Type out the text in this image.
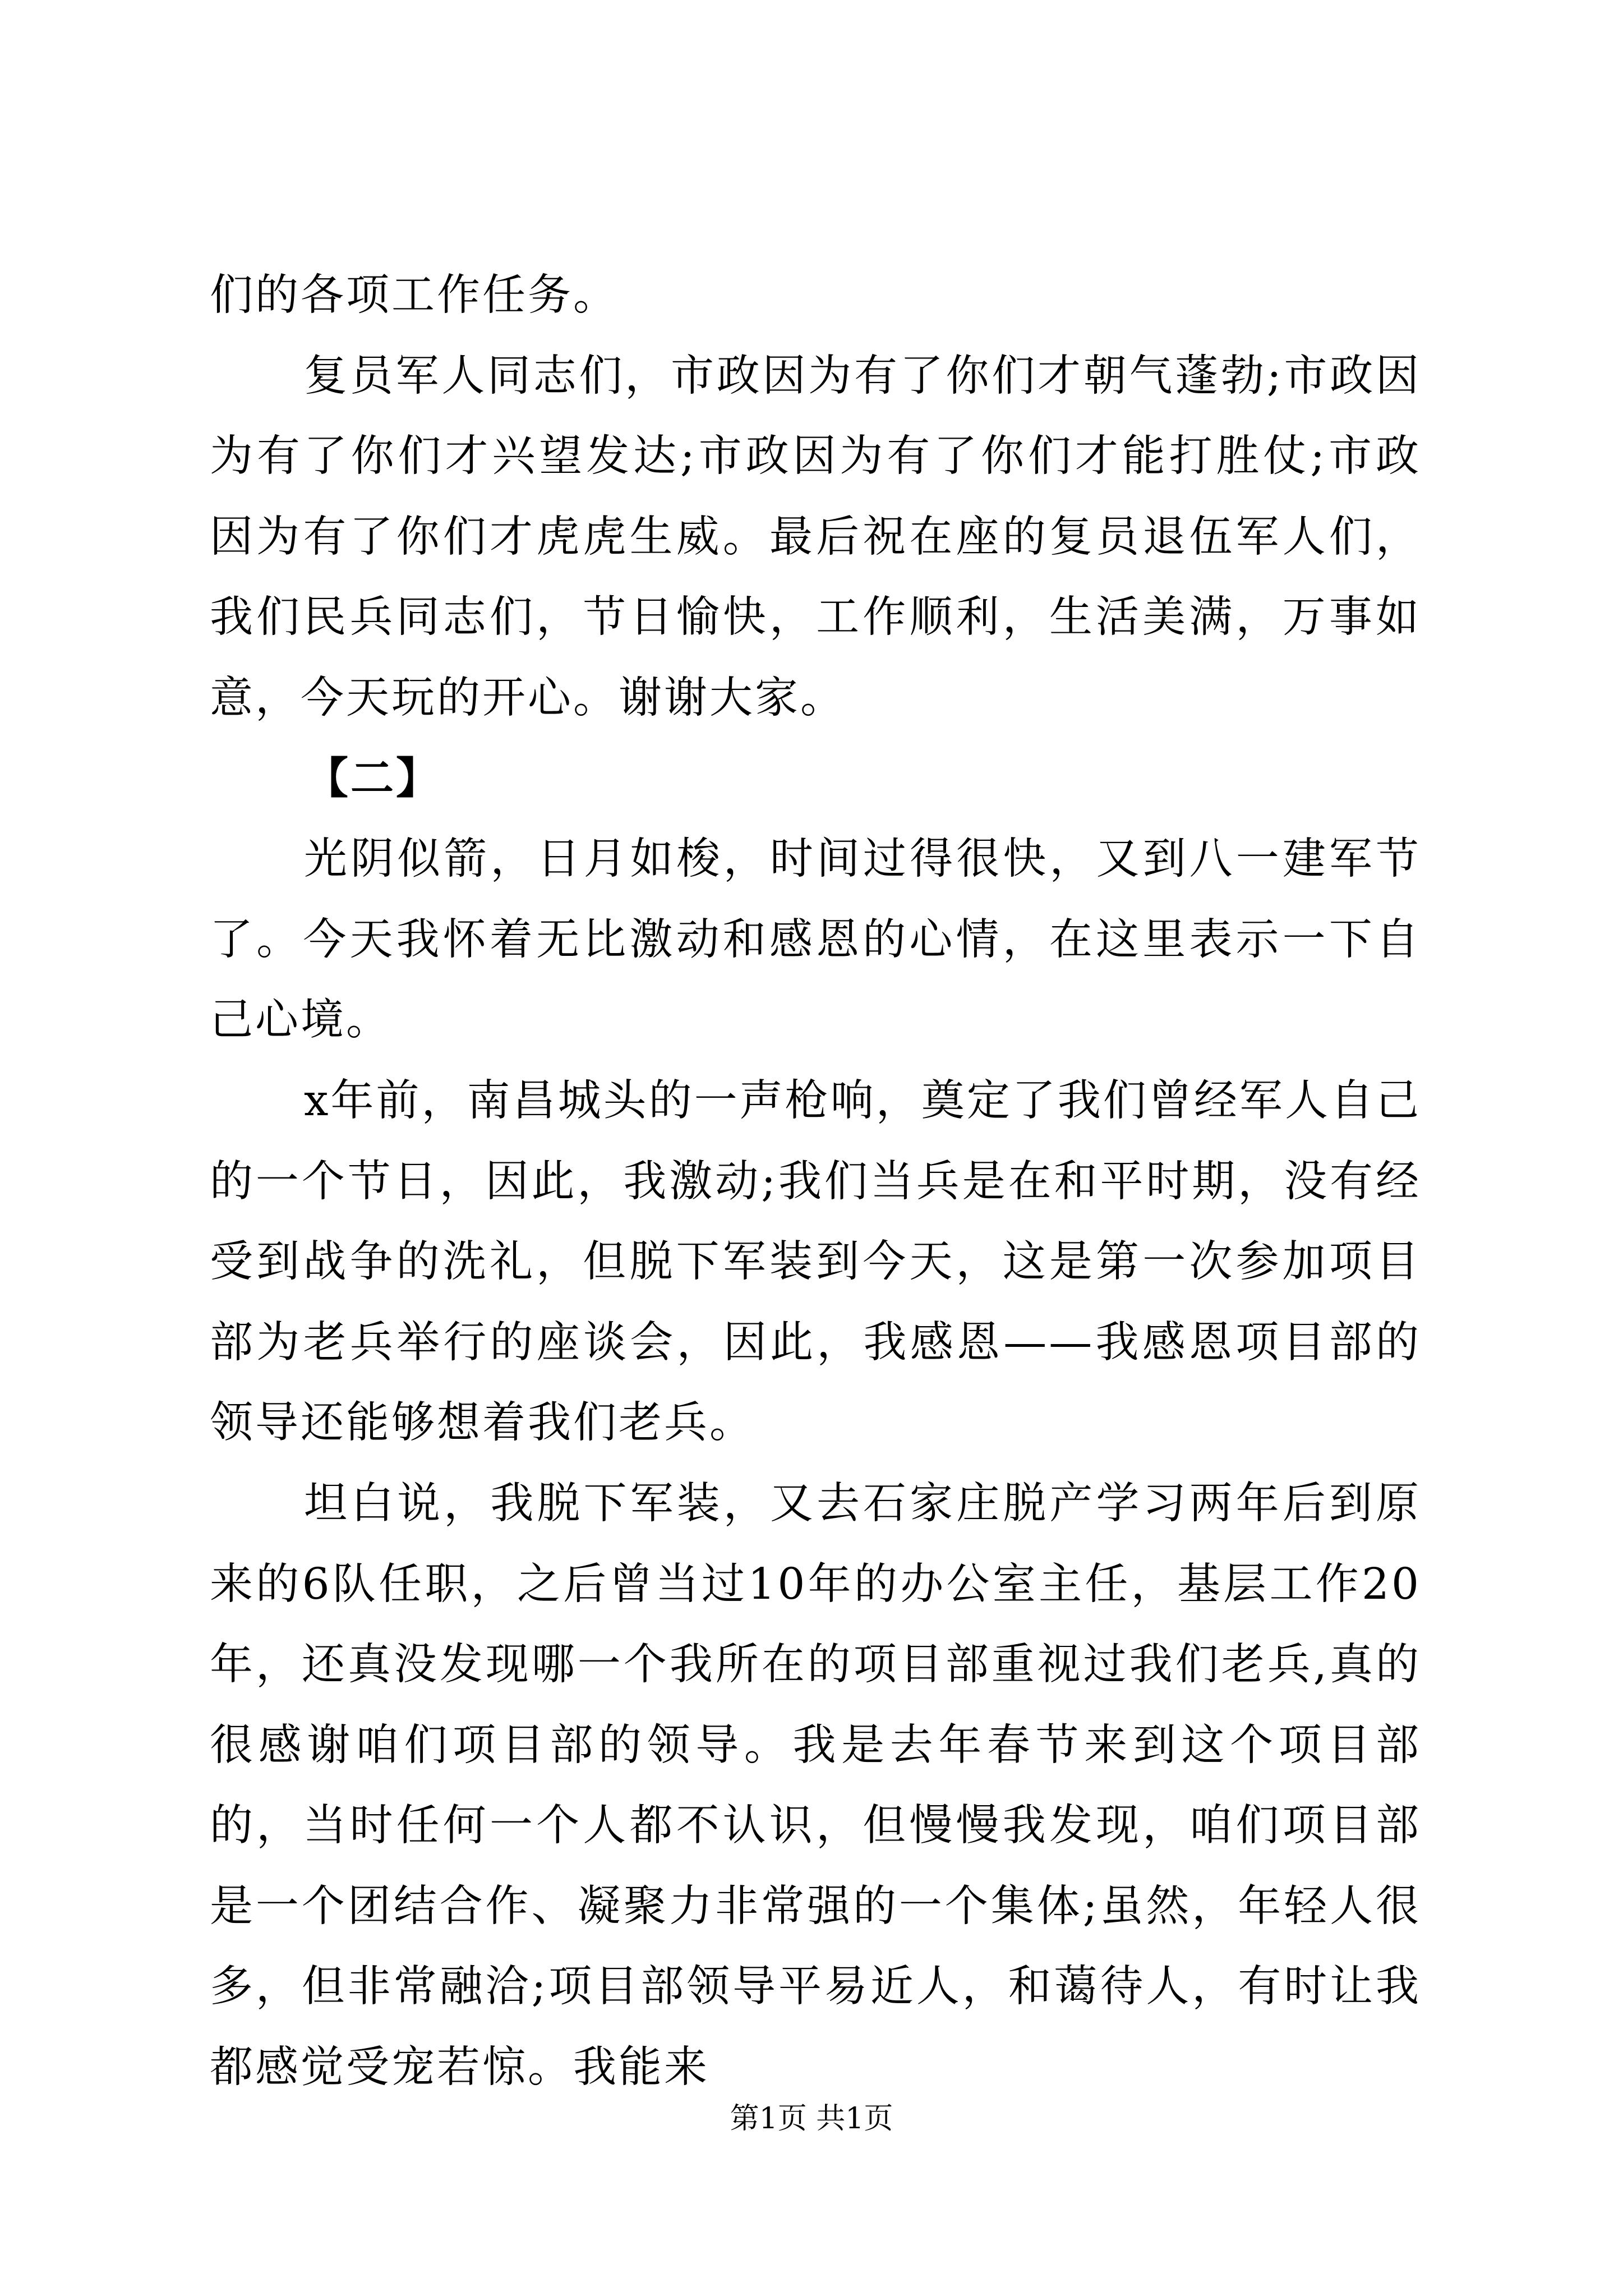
们的各项工作任务。

复员军人同志们，市政因为有了你们才朝气蓬勃;市政因为有了你们才兴望发达;市政因为有了你们才能打胜仗;市政因为有了你们才虎虎生威。最后祝在座的复员退伍军人们，我们民兵同志们，节日愉快，工作顺利，生活美满，万事如意，今天玩的开心。谢谢大家。

【二】

光阴似箭，日月如梭，时间过得很快，又到八一建军节了。今天我怀着无比激动和感恩的心情，在这里表示一下自己心境。

x年前，南昌城头的一声枪响，奠定了我们曾经军人自己的一个节日，因此，我激动;我们当兵是在和平时期，没有经受到战争的洗礼，但脱下军装到今天，这是第一次参加项目部为老兵举行的座谈会，因此，我感恩——我感恩项目部的领导还能够想着我们老兵。

坦白说，我脱下军装，又去石家庄脱产学习两年后到原来的6队任职，之后曾当过10年的办公室主任，基层工作20年，还真没发现哪一个我所在的项目部重视过我们老兵,真的很感谢咱们项目部的领导。我是去年春节来到这个项目部的，当时任何一个人都不认识，但慢慢我发现，咱们项目部是一个团结合作、凝聚力非常强的一个集体;虽然，年轻人很多，但非常融洽;项目部领导平易近人，和蔼待人，有时让我都感觉受宠若惊。我能来

第1页 共1页
